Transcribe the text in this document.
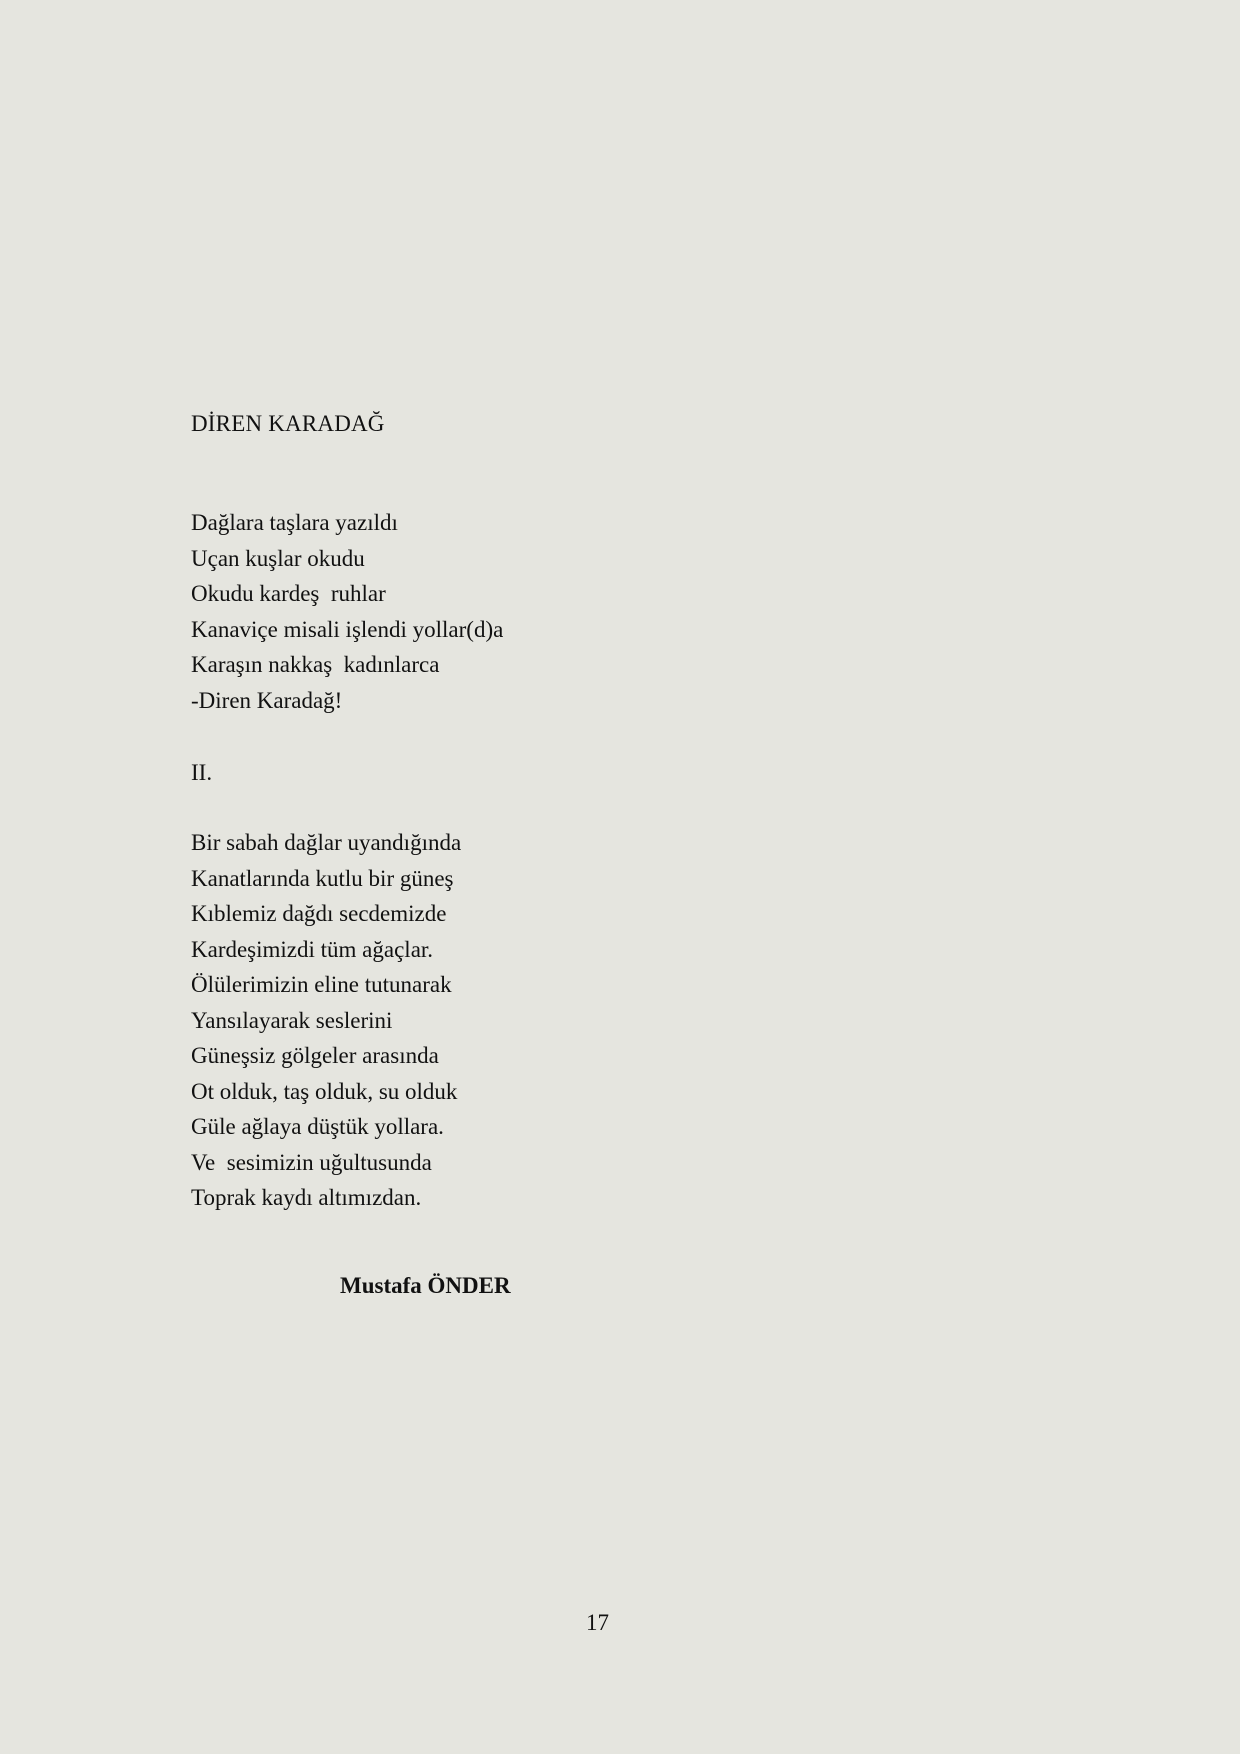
DİREN KARADAĞ
Dağlara taşlara yazıldı
Uçan kuşlar okudu
Okudu kardeş  ruhlar
Kanaviçe misali işlendi yollar(d)a
Karaşın nakkaş  kadınlarca
-Diren Karadağ!
II.
Bir sabah dağlar uyandığında
Kanatlarında kutlu bir güneş
Kıblemiz dağdı secdemizde
Kardeşimizdi tüm ağaçlar.
Ölülerimizin eline tutunarak
Yansılayarak seslerini
Güneşsiz gölgeler arasında
Ot olduk, taş olduk, su olduk
Güle ağlaya düştük yollara.
Ve  sesimizin uğultusunda
Toprak kaydı altımızdan.
Mustafa ÖNDER
17
